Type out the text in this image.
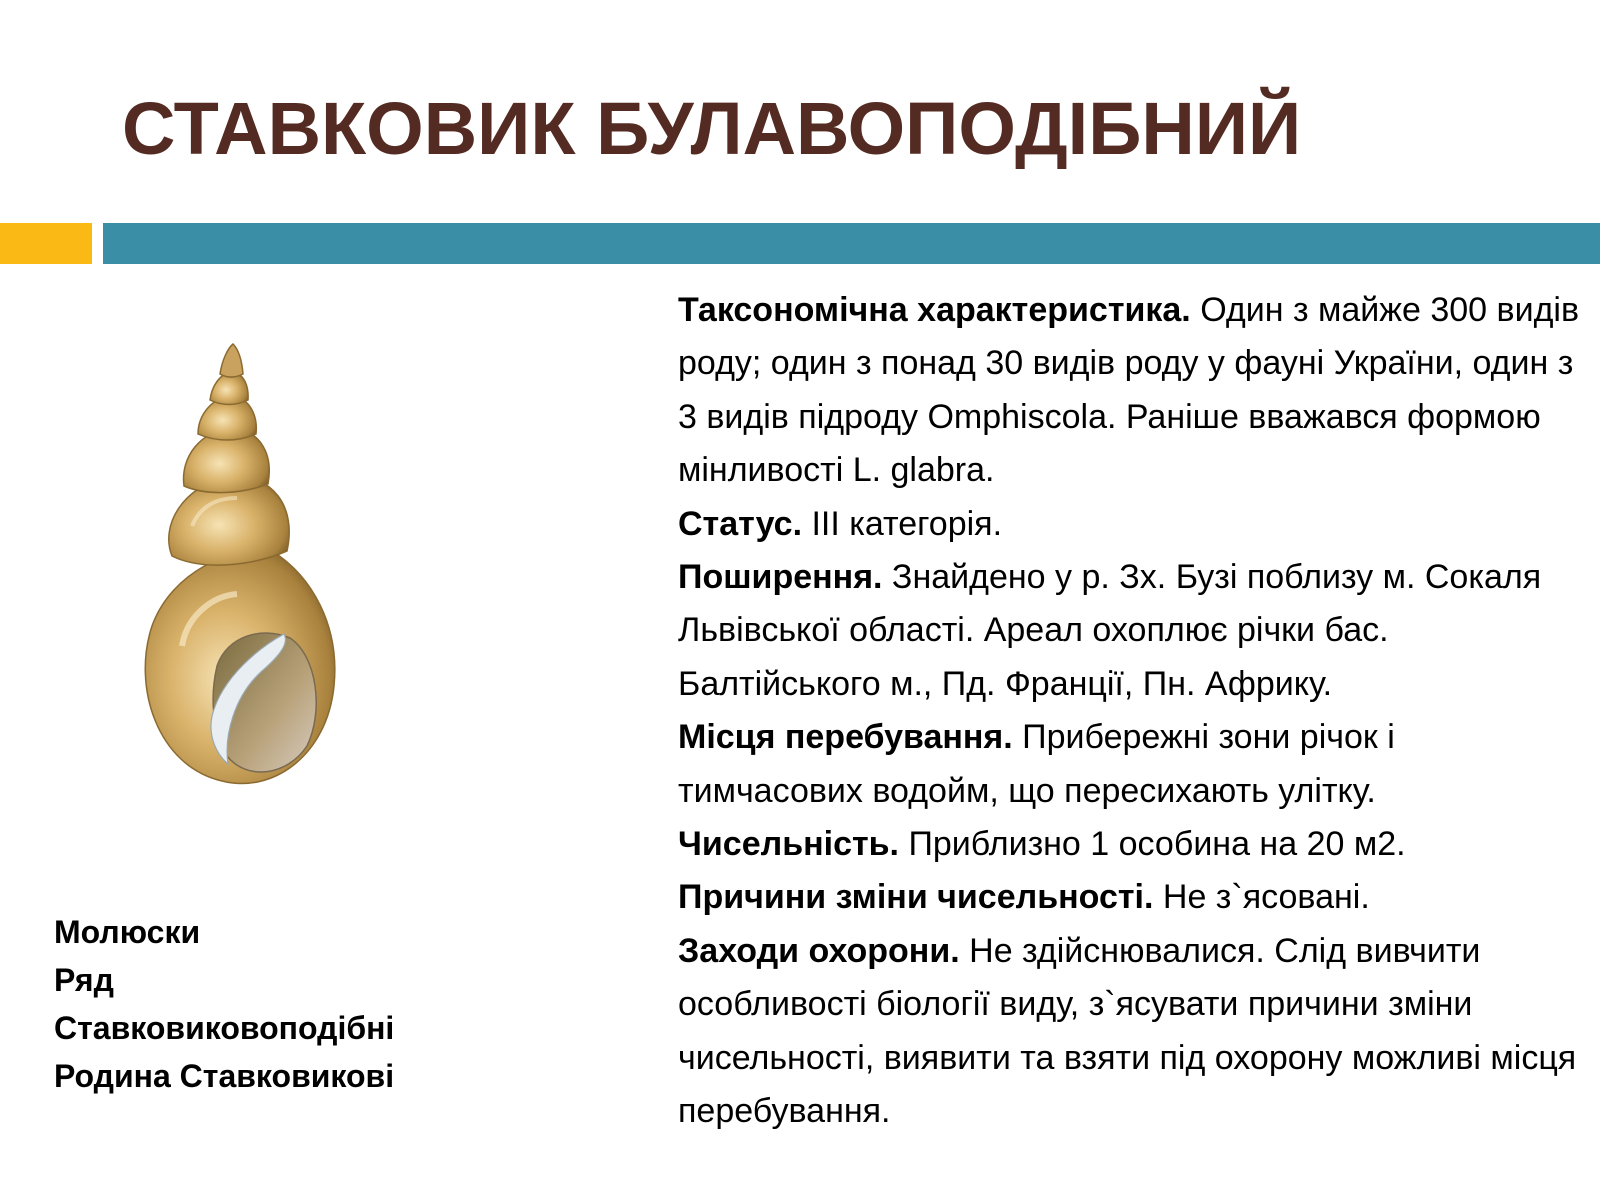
СТАВКОВИК БУЛАВОПОДІБНИЙ
Молюски
Ряд
Ставковиковоподібні
Родина Ставковикові

Таксономічна характеристика. Один з майже 300 видів роду; один з понад 30 видів роду у фауні України, один з 3 видів підроду Omphiscola. Раніше вважався формою мінливості L. glabra.

Статус. ІІІ категорія.

Поширення. Знайдено у р. Зх. Бузі поблизу м. Сокаля Львівської області. Ареал охоплює річки бас. Балтійського м., Пд. Франції, Пн. Африку.

Місця перебування. Прибережні зони річок і тимчасових водойм, що пересихають улітку.

Чисельність. Приблизно 1 особина на 20 м2.

Причини зміни чисельності. Не з`ясовані.

Заходи охорони. Не здійснювалися. Слід вивчити особливості біології виду, з`ясувати причини зміни чисельності, виявити та взяти під охорону можливі місця перебування.
